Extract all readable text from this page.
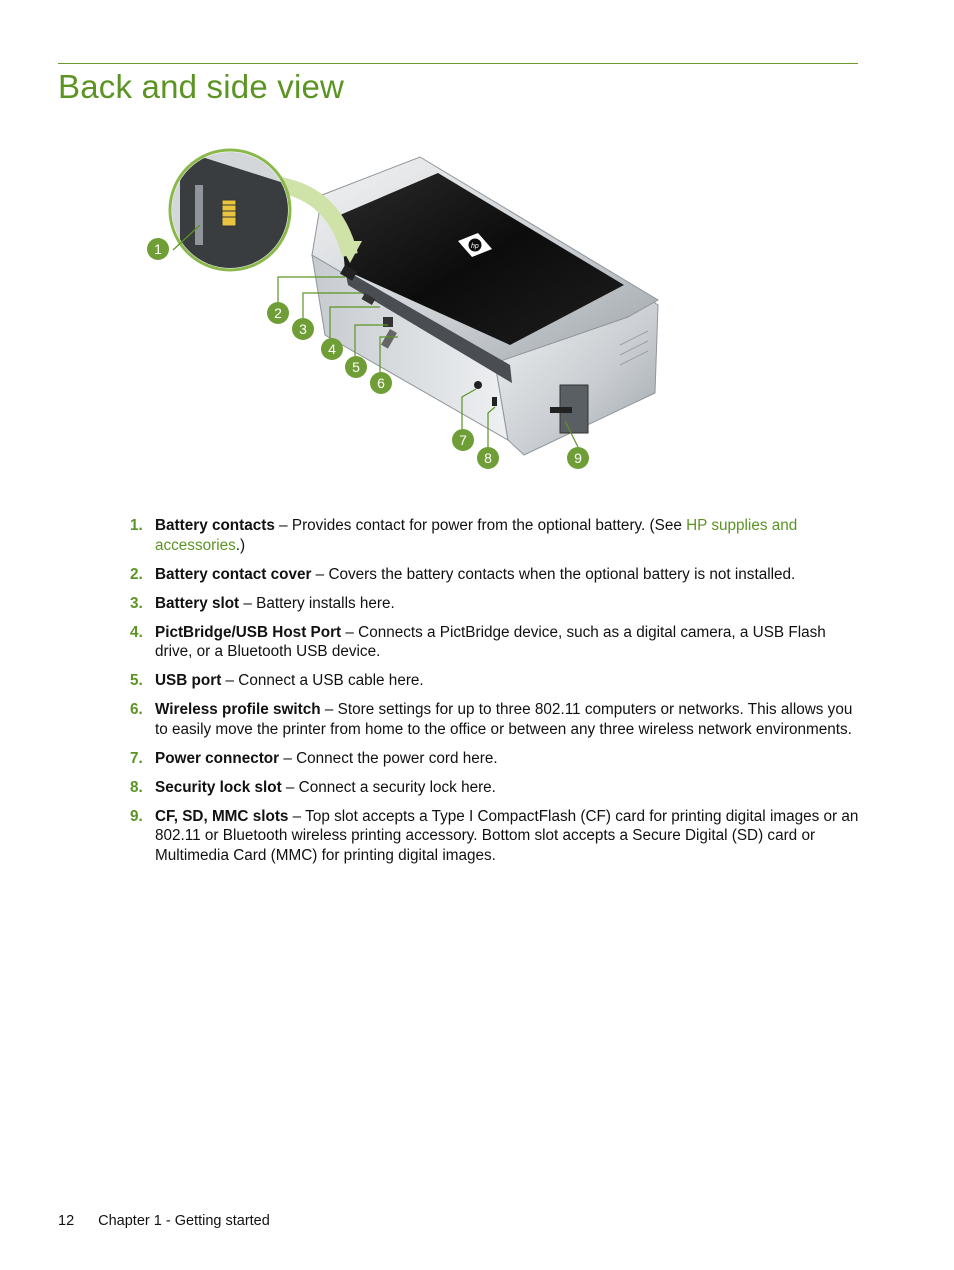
Back and side view
hp
1
2
3
4
5
6
7
8	9
1. Battery contacts – Provides contact for power from the optional battery. (See HP supplies and accessories.)
2. Battery contact cover – Covers the battery contacts when the optional battery is not installed.
3. Battery slot – Battery installs here.
4. PictBridge/USB Host Port – Connects a PictBridge device, such as a digital camera, a USB Flash drive, or a Bluetooth USB device.
5. USB port – Connect a USB cable here.
6. Wireless profile switch – Store settings for up to three 802.11 computers or networks. This allows you to easily move the printer from home to the office or between any three wireless network environments.
7. Power connector – Connect the power cord here.
8. Security lock slot – Connect a security lock here.
9. CF, SD, MMC slots – Top slot accepts a Type I CompactFlash (CF) card for printing digital images or an 802.11 or Bluetooth wireless printing accessory. Bottom slot accepts a Secure Digital (SD) card or Multimedia Card (MMC) for printing digital images.
12 Chapter 1 - Getting started
